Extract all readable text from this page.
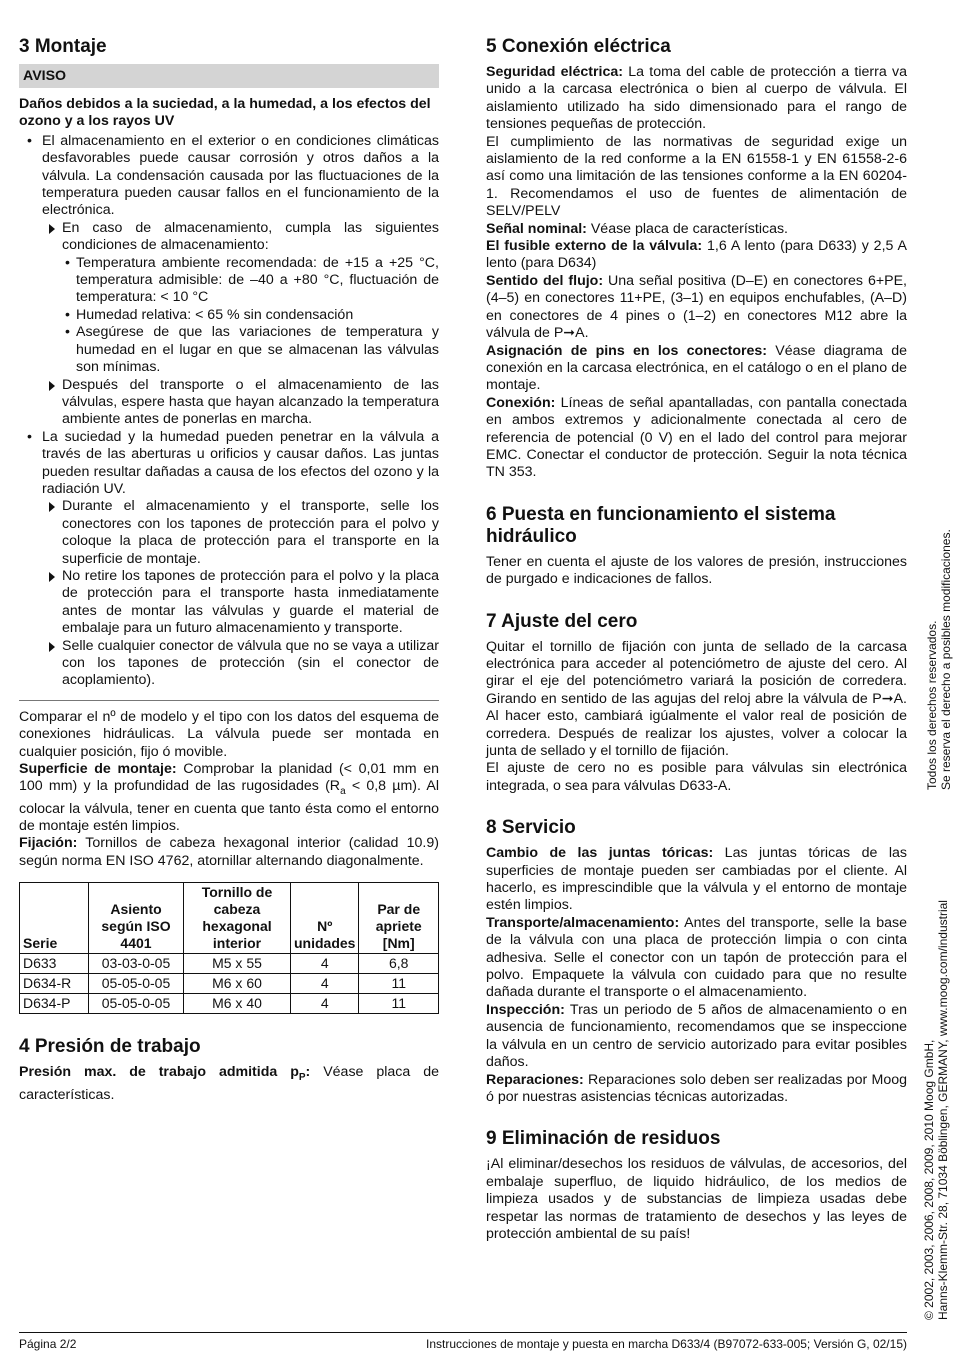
3 Montaje
AVISO
Daños debidos a la suciedad, a la humedad, a los efectos del ozono y a los rayos UV
• El almacenamiento en el exterior o en condiciones climáticas desfavorables puede causar corrosión y otros daños a la válvula. La condensación causada por las fluctuaciones de la temperatura pueden causar fallos en el funcionamiento de la electrónica.
En caso de almacenamiento, cumpla las siguientes condiciones de almacenamiento:
• Temperatura ambiente recomendada: de +15 a +25 °C, temperatura admisible: de –40 a +80 °C, fluctuación de temperatura: < 10 °C
• Humedad relativa: < 65 % sin condensación
• Asegúrese de que las variaciones de temperatura y humedad en el lugar en que se almacenan las válvulas son mínimas.
Después del transporte o el almacenamiento de las válvulas, espere hasta que hayan alcanzado la temperatura ambiente antes de ponerlas en marcha.
• La suciedad y la humedad pueden penetrar en la válvula a través de las aberturas u orificios y causar daños. Las juntas pueden resultar dañadas a causa de los efectos del ozono y la radiación UV.
Durante el almacenamiento y el transporte, selle los conectores con los tapones de protección para el polvo y coloque la placa de protección para el transporte en la superficie de montaje.
No retire los tapones de protección para el polvo y la placa de protección para el transporte hasta inmediatamente antes de montar las válvulas y guarde el material de embalaje para un futuro almacenamiento y transporte.
Selle cualquier conector de válvula que no se vaya a utilizar con los tapones de protección (sin el conector de acoplamiento).

Comparar el nº de modelo y el tipo con los datos del esquema de conexiones hidráulicas. La válvula puede ser montada en cualquier posición, fijo ó movible.

Superficie de montaje: Comprobar la planidad (< 0,01 mm en 100 mm) y la profundidad de las rugosidades ($R_a < 0,8$ µm). Al colocar la válvula, tener en cuenta que tanto ésta como el entorno de montaje estén limpios.

Fijación: Tornillos de cabeza hexagonal interior (calidad 10.9) según norma EN ISO 4762, atornillar alternando diagonalmente.

Serie	Asiento según ISO 4401	Tornillo de cabeza hexagonal interior	Nº unidades	Par de apriete [Nm]
D633	03-03-0-05	M5 x 55	4	6,8
D634-R	05-05-0-05	M6 x 60	4	11
D634-P	05-05-0-05	M6 x 40	4	11
4 Presión de trabajo

Presión max. de trabajo admitida $p_P$: Véase placa de características.

5 Conexión eléctrica

Seguridad eléctrica: La toma del cable de protección a tierra va unido a la carcasa electrónica o bien al cuerpo de válvula. El aislamiento utilizado ha sido dimensionado para el rango de tensiones pequeñas de protección.

El cumplimiento de las normativas de seguridad exige un aislamiento de la red conforme a la EN 61558-1 y EN 61558-2-6 así como una limitación de las tensiones conforme a la EN 60204-1. Recomendamos el uso de fuentes de alimentación de SELV/PELV

Señal nominal: Véase placa de características.

El fusible externo de la válvula: 1,6 A lento (para D633) y 2,5 A lento (para D634)

Sentido del flujo: Una señal positiva (D–E) en conectores 6+PE, (4–5) en conectores 11+PE, (3–1) en equipos enchufables, (A–D) en conectores de 4 pines o (1–2) en conectores M12 abre la válvula de P➞A.

Asignación de pins en los conectores: Véase diagrama de conexión en la carcasa electrónica, en el catálogo o en el plano de montaje.

Conexión: Líneas de señal apantalladas, con pantalla conectada en ambos extremos y adicionalmente conectada al cero de referencia de potencial (0 V) en el lado del control para mejorar EMC. Conectar el conductor de protección. Seguir la nota técnica TN 353.

6 Puesta en funcionamiento el sistema hidráulico

Tener en cuenta el ajuste de los valores de presión, instrucciones de purgado e indicaciones de fallos.

7 Ajuste del cero

Quitar el tornillo de fijación con junta de sellado de la carcasa electrónica para acceder al potenciómetro de ajuste del cero. Al girar el eje del potenciómetro variará la posición de corredera. Girando en sentido de las agujas del reloj abre la válvula de P➞A. Al hacer esto, cambiará igúalmente el valor real de posición de corredera. Después de realizar los ajustes, volver a colocar la junta de sellado y el tornillo de fijación.

El ajuste de cero no es posible para válvulas sin electrónica integrada, o sea para válvulas D633-A.

8 Servicio

Cambio de las juntas tóricas: Las juntas tóricas de las superficies de montaje pueden ser cambiadas por el cliente. Al hacerlo, es imprescindible que la válvula y el entorno de montaje estén limpios.

Transporte/almacenamiento: Antes del transporte, selle la base de la válvula con una placa de protección limpia o con cinta adhesiva. Selle el conector con un tapón de protección para el polvo. Empaquete la válvula con cuidado para que no resulte dañada durante el transporte o el almacenamiento.

Inspección: Tras un periodo de 5 años de almacenamiento o en ausencia de funcionamiento, recomendamos que se inspeccione la válvula en un centro de servicio autorizado para evitar posibles daños.

Reparaciones: Reparaciones solo deben ser realizadas por Moog ó por nuestras asistencias técnicas autorizadas.

9 Eliminación de residuos

¡Al eliminar/desechos los residuos de válvulas, de accesorios, del embalaje superfluo, de liquido hidráulico, de los medios de limpieza usados y de substancias de limpieza usadas debe respetar las normas de tratamiento de desechos y las leyes de protección ambiental de su país!

Todos los derechos reservados. Se reserva el derecho a posibles modificaciones.
© 2002, 2003, 2006, 2008, 2009, 2010 Moog GmbH, Hanns-Klemm-Str. 28, 71034 Böblingen, GERMANY, www.moog.com/industrial
Página 2/2	Instrucciones de montaje y puesta en marcha D633/4 (B97072-633-005; Versión G, 02/15)
